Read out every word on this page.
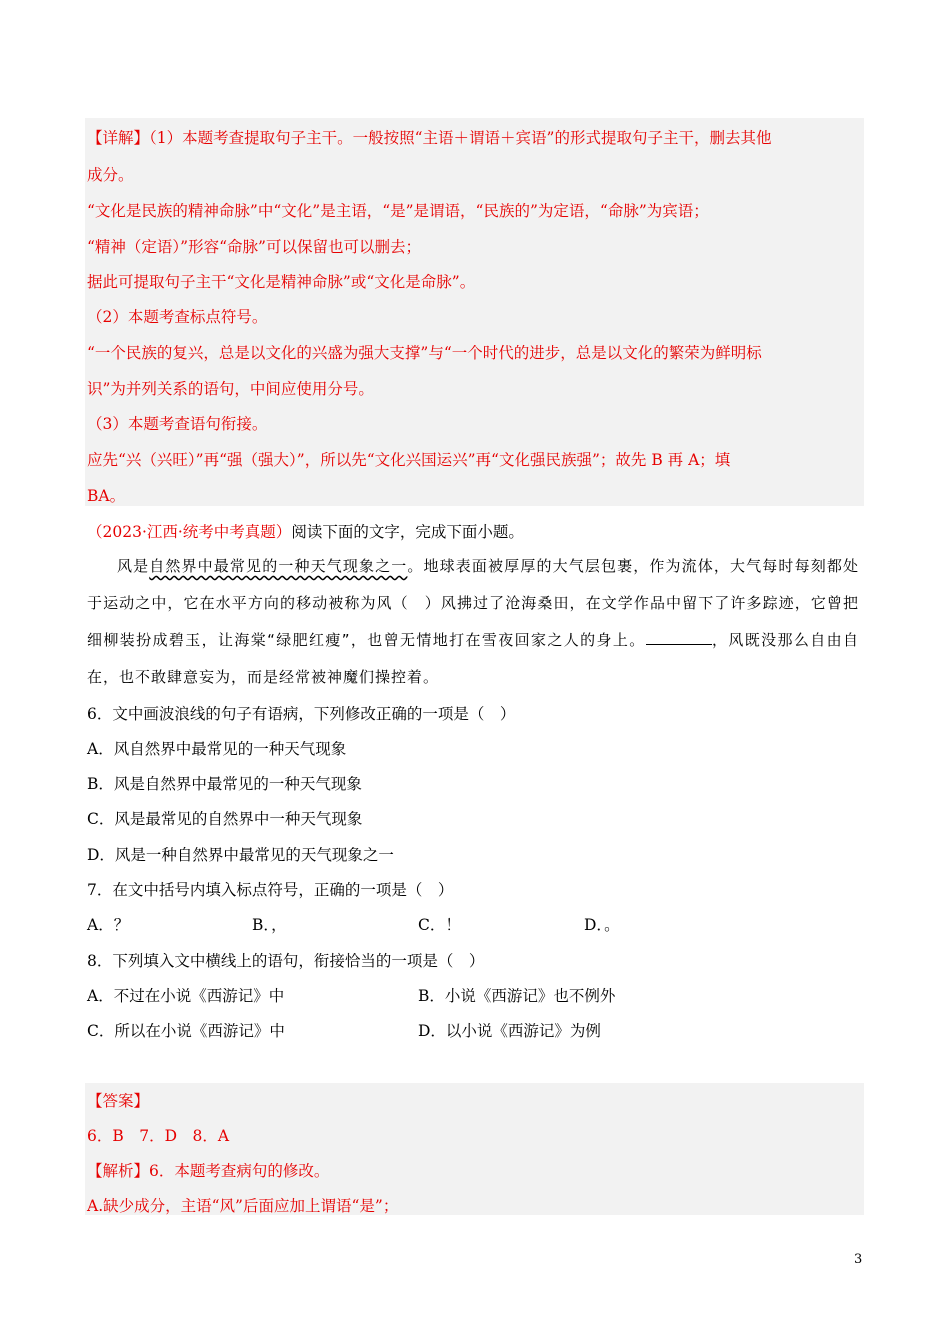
【详解】（1）本题考查提取句子主干。一般按照“主语＋谓语＋宾语”的形式提取句子主干，删去其他
成分。
“文化是民族的精神命脉”中“文化”是主语，“是”是谓语，“民族的”为定语，“命脉”为宾语；
“精神（定语）”形容“命脉”可以保留也可以删去；
据此可提取句子主干“文化是精神命脉”或“文化是命脉”。
（2）本题考查标点符号。
“一个民族的复兴，总是以文化的兴盛为强大支撑”与“一个时代的进步，总是以文化的繁荣为鲜明标
识”为并列关系的语句，中间应使用分号。
（3）本题考查语句衔接。
应先“兴（兴旺）”再“强（强大）”，所以先“文化兴国运兴”再“文化强民族强”；故先 B 再 A；填
BA。
（2023·江西·统考中考真题）阅读下面的文字，完成下面小题。

风是自然界中最常见的一种天气现象之一。地球表面被厚厚的大气层包裹，作为流体，大气每时每刻都处于运动之中，它在水平方向的移动被称为风（　）风拂过了沧海桑田，在文学作品中留下了许多踪迹，它曾把细柳装扮成碧玉，让海棠“绿肥红瘦”，也曾无情地打在雪夜回家之人的身上。	，风既没那么自由自在，也不敢肆意妄为，而是经常被神魔们操控着。

6．文中画波浪线的句子有语病，下列修改正确的一项是（　）
A．风自然界中最常见的一种天气现象
B．风是自然界中最常见的一种天气现象
C．风是最常见的自然界中一种天气现象
D．风是一种自然界中最常见的天气现象之一
7．在文中括号内填入标点符号，正确的一项是（　）
A．？	B．，	C．！	D．。
8．下列填入文中横线上的语句，衔接恰当的一项是（　）
A．不过在小说《西游记》中	B．小说《西游记》也不例外
C．所以在小说《西游记》中	D．以小说《西游记》为例
【答案】
6．B　7．D　8．A
【解析】6．本题考查病句的修改。
A.缺少成分，主语“风”后面应加上谓语“是”；
3
